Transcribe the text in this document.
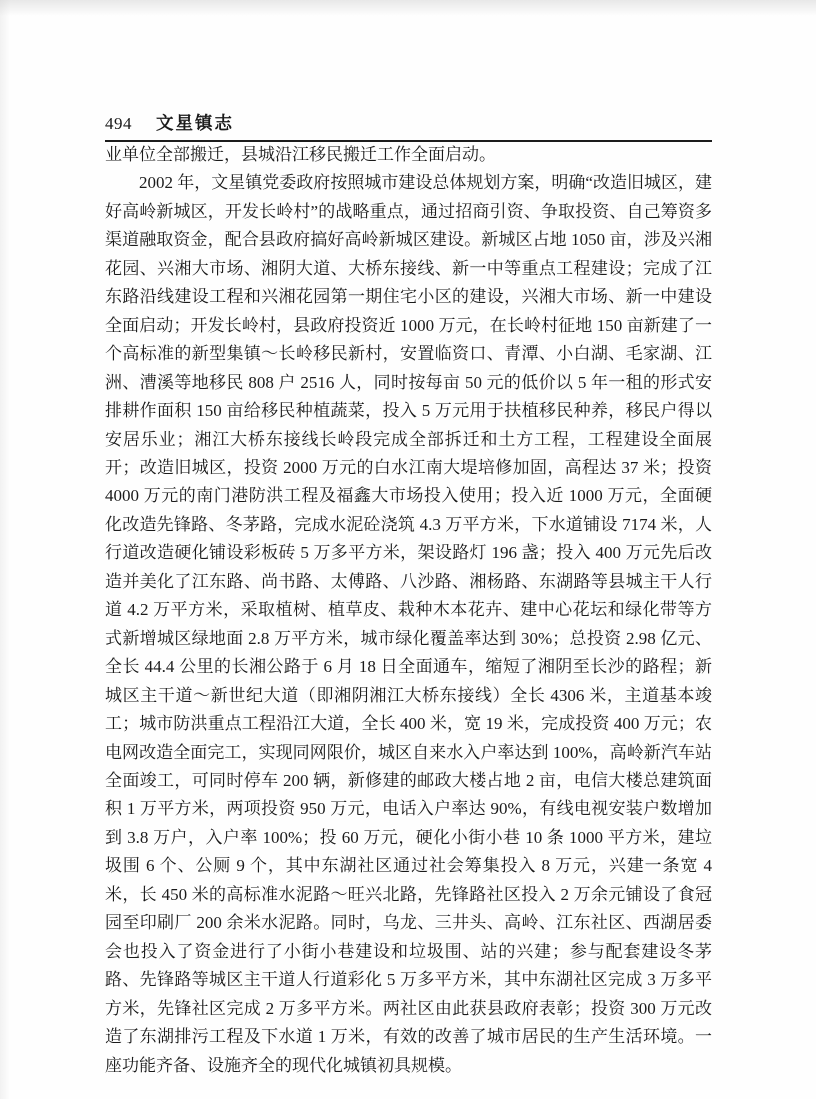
494 文星镇志

业单位全部搬迁，县城沿江移民搬迁工作全面启动。

2002 年，文星镇党委政府按照城市建设总体规划方案，明确“改造旧城区，建好高岭新城区，开发长岭村”的战略重点，通过招商引资、争取投资、自己筹资多渠道融取资金，配合县政府搞好高岭新城区建设。新城区占地 1050 亩，涉及兴湘花园、兴湘大市场、湘阴大道、大桥东接线、新一中等重点工程建设；完成了江东路沿线建设工程和兴湘花园第一期住宅小区的建设，兴湘大市场、新一中建设全面启动；开发长岭村，县政府投资近 1000 万元，在长岭村征地 150 亩新建了一个高标准的新型集镇～长岭移民新村，安置临资口、青潭、小白湖、毛家湖、江洲、漕溪等地移民 808 户 2516 人，同时按每亩 50 元的低价以 5 年一租的形式安排耕作面积 150 亩给移民种植蔬菜，投入 5 万元用于扶植移民种养，移民户得以安居乐业；湘江大桥东接线长岭段完成全部拆迁和土方工程，工程建设全面展开；改造旧城区，投资 2000 万元的白水江南大堤培修加固，高程达 37 米；投资 4000 万元的南门港防洪工程及福鑫大市场投入使用；投入近 1000 万元，全面硬化改造先锋路、冬茅路，完成水泥砼浇筑 4.3 万平方米，下水道铺设 7174 米，人行道改造硬化铺设彩板砖 5 万多平方米，架设路灯 196 盏；投入 400 万元先后改造并美化了江东路、尚书路、太傅路、八沙路、湘杨路、东湖路等县城主干人行道 4.2 万平方米，采取植树、植草皮、栽种木本花卉、建中心花坛和绿化带等方式新增城区绿地面 2.8 万平方米，城市绿化覆盖率达到 30%；总投资 2.98 亿元、全长 44.4 公里的长湘公路于 6 月 18 日全面通车，缩短了湘阴至长沙的路程；新城区主干道～新世纪大道（即湘阴湘江大桥东接线）全长 4306 米，主道基本竣工；城市防洪重点工程沿江大道，全长 400 米，宽 19 米，完成投资 400 万元；农电网改造全面完工，实现同网限价，城区自来水入户率达到 100%，高岭新汽车站全面竣工，可同时停车 200 辆，新修建的邮政大楼占地 2 亩，电信大楼总建筑面积 1 万平方米，两项投资 950 万元，电话入户率达 90%，有线电视安装户数增加到 3.8 万户，入户率 100%；投 60 万元，硬化小街小巷 10 条 1000 平方米，建垃圾围 6 个、公厕 9 个，其中东湖社区通过社会筹集投入 8 万元，兴建一条宽 4 米，长 450 米的高标准水泥路～旺兴北路，先锋路社区投入 2 万余元铺设了食冠园至印刷厂 200 余米水泥路。同时，乌龙、三井头、高岭、江东社区、西湖居委会也投入了资金进行了小街小巷建设和垃圾围、站的兴建；参与配套建设冬茅路、先锋路等城区主干道人行道彩化 5 万多平方米，其中东湖社区完成 3 万多平方米，先锋社区完成 2 万多平方米。两社区由此获县政府表彰；投资 300 万元改造了东湖排污工程及下水道 1 万米，有效的改善了城市居民的生产生活环境。一座功能齐备、设施齐全的现代化城镇初具规模。
